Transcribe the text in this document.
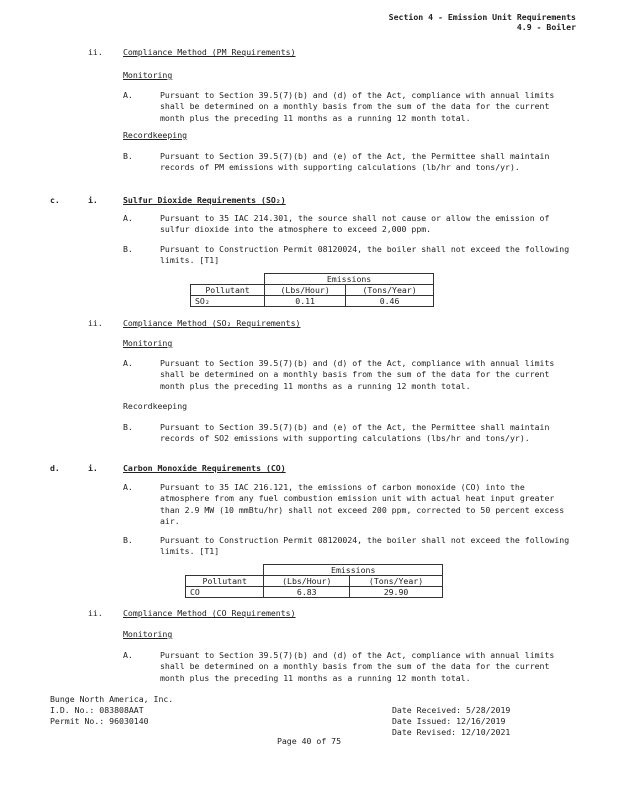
Section 4 - Emission Unit Requirements
4.9 - Boiler
ii. Compliance Method (PM Requirements)
Monitoring
A.	Pursuant to Section 39.5(7)(b) and (d) of the Act, compliance with annual limits shall be determined on a monthly basis from the sum of the data for the current month plus the preceding 11 months as a running 12 month total.
Recordkeeping
B.	Pursuant to Section 39.5(7)(b) and (e) of the Act, the Permittee shall maintain records of PM emissions with supporting calculations (lb/hr and tons/yr).
c.	i.	Sulfur Dioxide Requirements (SO₂)
A.	Pursuant to 35 IAC 214.301, the source shall not cause or allow the emission of sulfur dioxide into the atmosphere to exceed 2,000 ppm.
B.	Pursuant to Construction Permit 08120024, the boiler shall not exceed the following limits. [T1]
	Emissions	
Pollutant	(Lbs/Hour)	(Tons/Year)
SO₂	0.11	0.46
ii. Compliance Method (SO₂ Requirements)
Monitoring
A.	Pursuant to Section 39.5(7)(b) and (d) of the Act, compliance with annual limits shall be determined on a monthly basis from the sum of the data for the current month plus the preceding 11 months as a running 12 month total.
Recordkeeping
B.	Pursuant to Section 39.5(7)(b) and (e) of the Act, the Permittee shall maintain records of SO2 emissions with supporting calculations (lbs/hr and tons/yr).
d.	i.	Carbon Monoxide Requirements (CO)
A.	Pursuant to 35 IAC 216.121, the emissions of carbon monoxide (CO) into the atmosphere from any fuel combustion emission unit with actual heat input greater than 2.9 MW (10 mmBtu/hr) shall not exceed 200 ppm, corrected to 50 percent excess air.
B.	Pursuant to Construction Permit 08120024, the boiler shall not exceed the following limits. [T1]
	Emissions	
Pollutant	(Lbs/Hour)	(Tons/Year)
CO	6.83	29.90
ii. Compliance Method (CO Requirements)
Monitoring
A.	Pursuant to Section 39.5(7)(b) and (d) of the Act, compliance with annual limits shall be determined on a monthly basis from the sum of the data for the current month plus the preceding 11 months as a running 12 month total.
Bunge North America, Inc.
I.D. No.: 083808AAT
Permit No.: 96030140
Date Received: 5/28/2019
Date Issued: 12/16/2019
Date Revised: 12/10/2021
Page 40 of 75
